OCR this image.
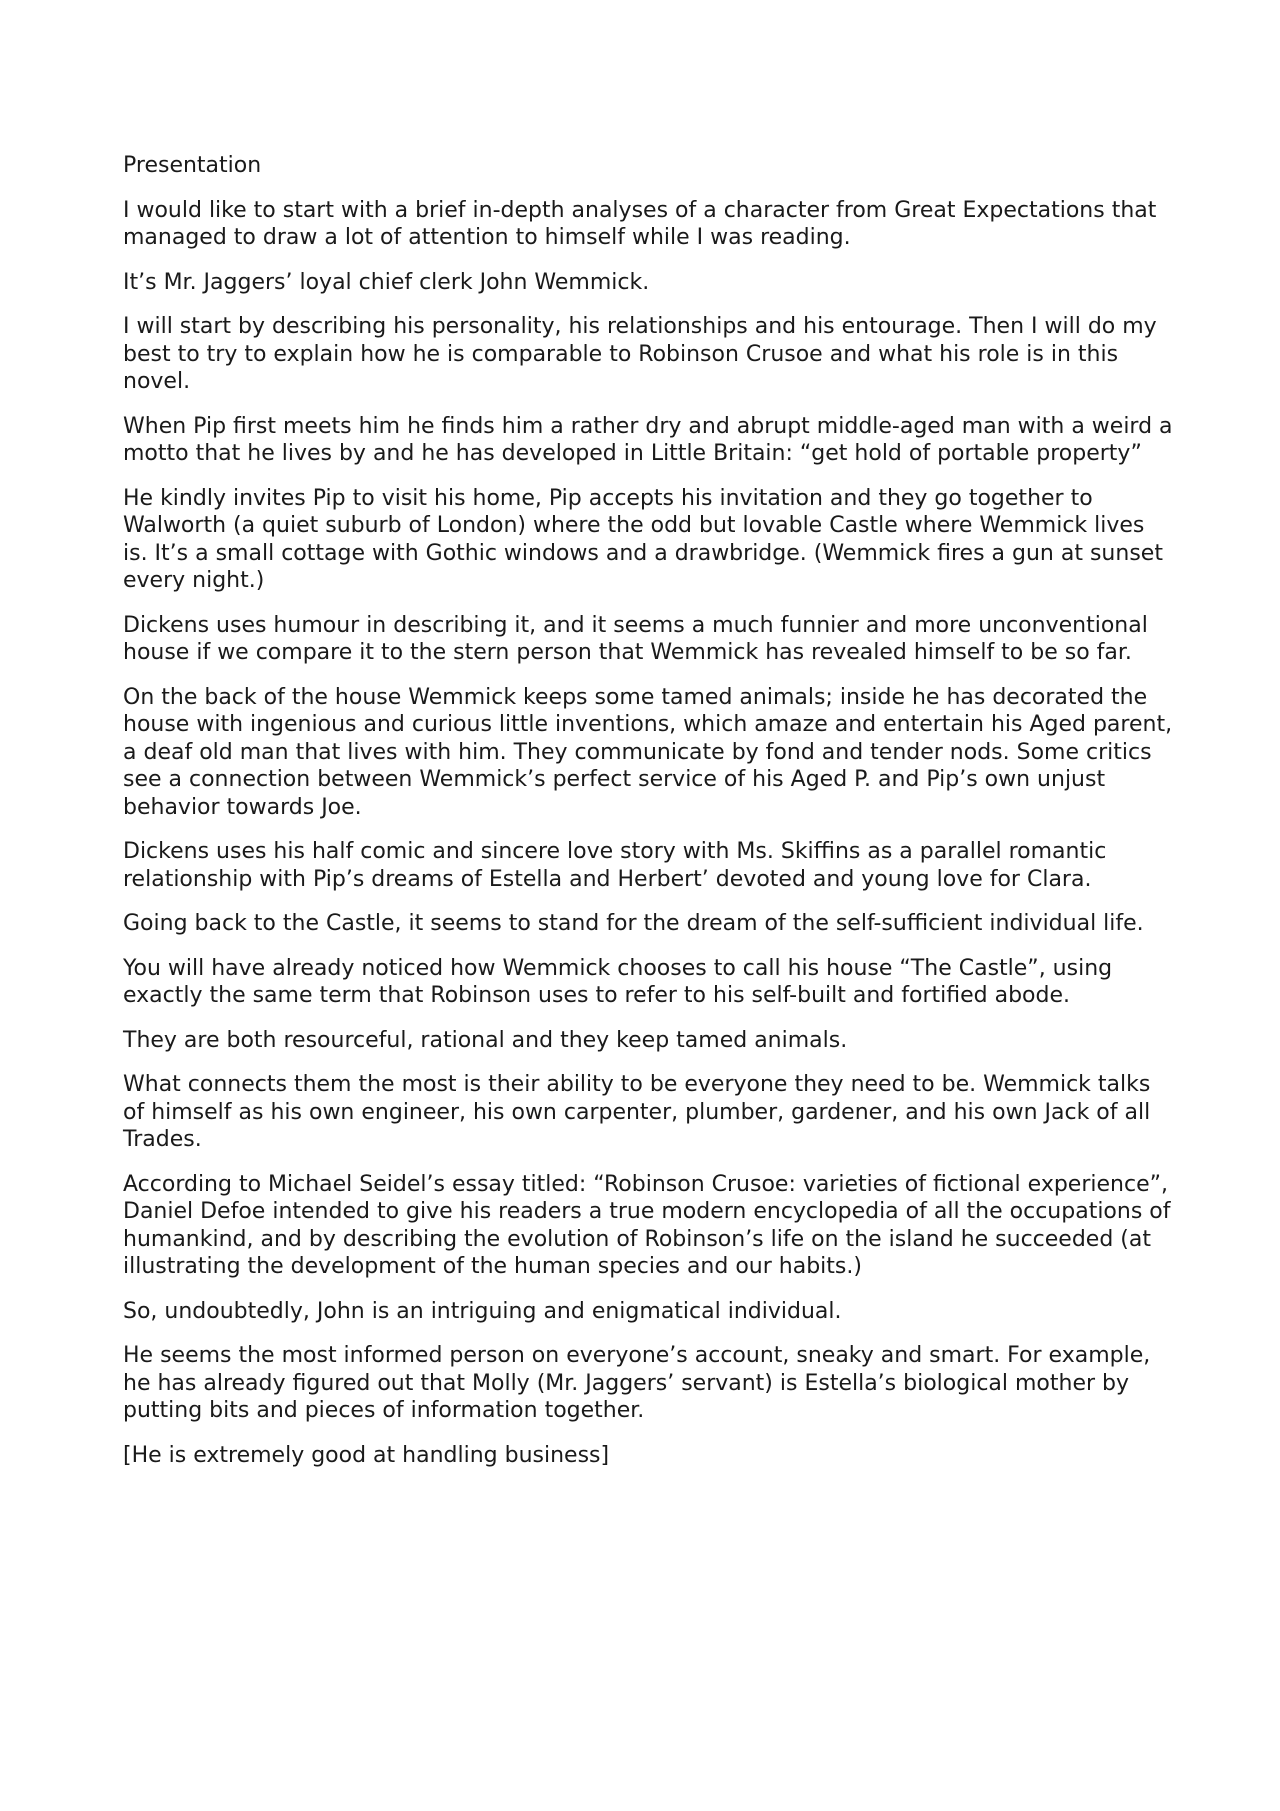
Presentation

I would like to start with a brief in-depth analyses of a character from Great Expectations that managed to draw a lot of attention to himself while I was reading.

It’s Mr. Jaggers’ loyal chief clerk John Wemmick.

I will start by describing his personality, his relationships and his entourage. Then I will do my best to try to explain how he is comparable to Robinson Crusoe and what his role is in this novel.

When Pip first meets him he finds him a rather dry and abrupt middle-aged man with a weird a motto that he lives by and he has developed in Little Britain: “get hold of portable property”

He kindly invites Pip to visit his home, Pip accepts his invitation and they go together to Walworth (a quiet suburb of London) where the odd but lovable Castle where Wemmick lives is. It’s a small cottage with Gothic windows and a drawbridge. (Wemmick fires a gun at sunset every night.)

Dickens uses humour in describing it, and it seems a much funnier and more unconventional house if we compare it to the stern person that Wemmick has revealed himself to be so far.

On the back of the house Wemmick keeps some tamed animals; inside he has decorated the house with ingenious and curious little inventions, which amaze and entertain his Aged parent, a deaf old man that lives with him. They communicate by fond and tender nods. Some critics see a connection between Wemmick’s perfect service of his Aged P. and Pip’s own unjust behavior towards Joe.

Dickens uses his half comic and sincere love story with Ms. Skiffins as a parallel romantic relationship with Pip’s dreams of Estella and Herbert’ devoted and young love for Clara.

Going back to the Castle, it seems to stand for the dream of the self-sufficient individual life.

You will have already noticed how Wemmick chooses to call his house “The Castle”, using exactly the same term that Robinson uses to refer to his self-built and fortified abode.

They are both resourceful, rational and they keep tamed animals.

What connects them the most is their ability to be everyone they need to be. Wemmick talks of himself as his own engineer, his own carpenter, plumber, gardener, and his own Jack of all Trades.

According to Michael Seidel’s essay titled: “Robinson Crusoe: varieties of fictional experience”, Daniel Defoe intended to give his readers a true modern encyclopedia of all the occupations of humankind, and by describing the evolution of Robinson’s life on the island he succeeded (at illustrating the development of the human species and our habits.)

So, undoubtedly, John is an intriguing and enigmatical individual.

He seems the most informed person on everyone’s account, sneaky and smart. For example, he has already figured out that Molly (Mr. Jaggers’ servant) is Estella’s biological mother by putting bits and pieces of information together.

[He is extremely good at handling business]
